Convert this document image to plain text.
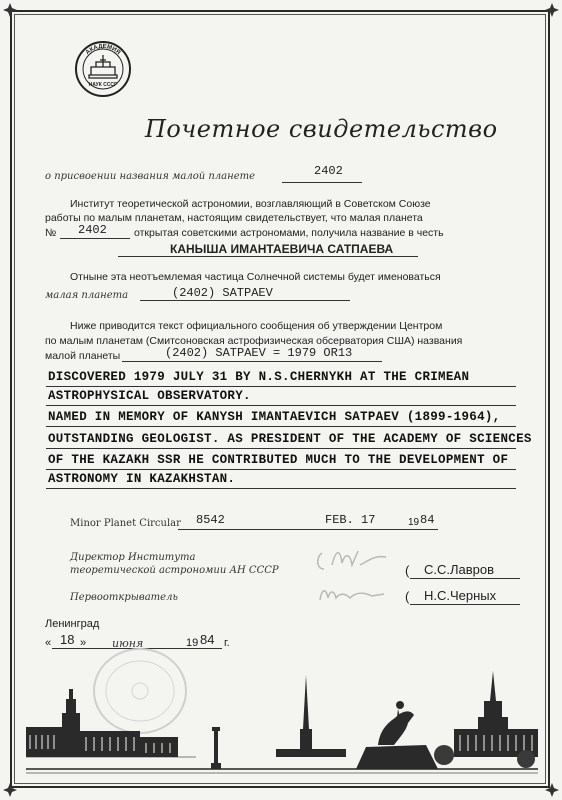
АКАДЕМИЯ
НАУК СССР
Почетное свидетельство
о присвоении названия малой планете	2402
Институт теоретической астрономии, возглавляющий в Советском Союзе
работы по малым планетам, настоящим свидетельствует, что малая планета
№ 2402	открытая советскими астрономами, получила название в честь
КАНЫША ИМАНТАЕВИЧА САТПАЕВА
Отныне эта неотъемлемая частица Солнечной системы будет именоваться
малая планета	(2402) SATPAEV
Ниже приводится текст официального сообщения об утверждении Центром
по малым планетам (Смитсоновская астрофизическая обсерватория США) названия
малой планеты	(2402) SATPAEV = 1979 OR13
DISCOVERED 1979 JULY 31 BY N.S.CHERNYKH AT THE CRIMEAN
ASTROPHYSICAL OBSERVATORY.
NAMED IN MEMORY OF KANYSH IMANTAEVICH SATPAEV (1899-1964),
OUTSTANDING GEOLOGIST. AS PRESIDENT OF THE ACADEMY OF SCIENCES
OF THE KAZAKH SSR HE CONTRIBUTED MUCH TO THE DEVELOPMENT OF
ASTRONOMY IN KAZAKHSTAN.
Minor Planet Circular 8542	FEB. 17	19 84
Директор Института
теоретической астрономии АН СССР	( С.С.Лавров
Первооткрыватель	( Н.С.Черных
Ленинград
« 18 » июня	19 84 г.
